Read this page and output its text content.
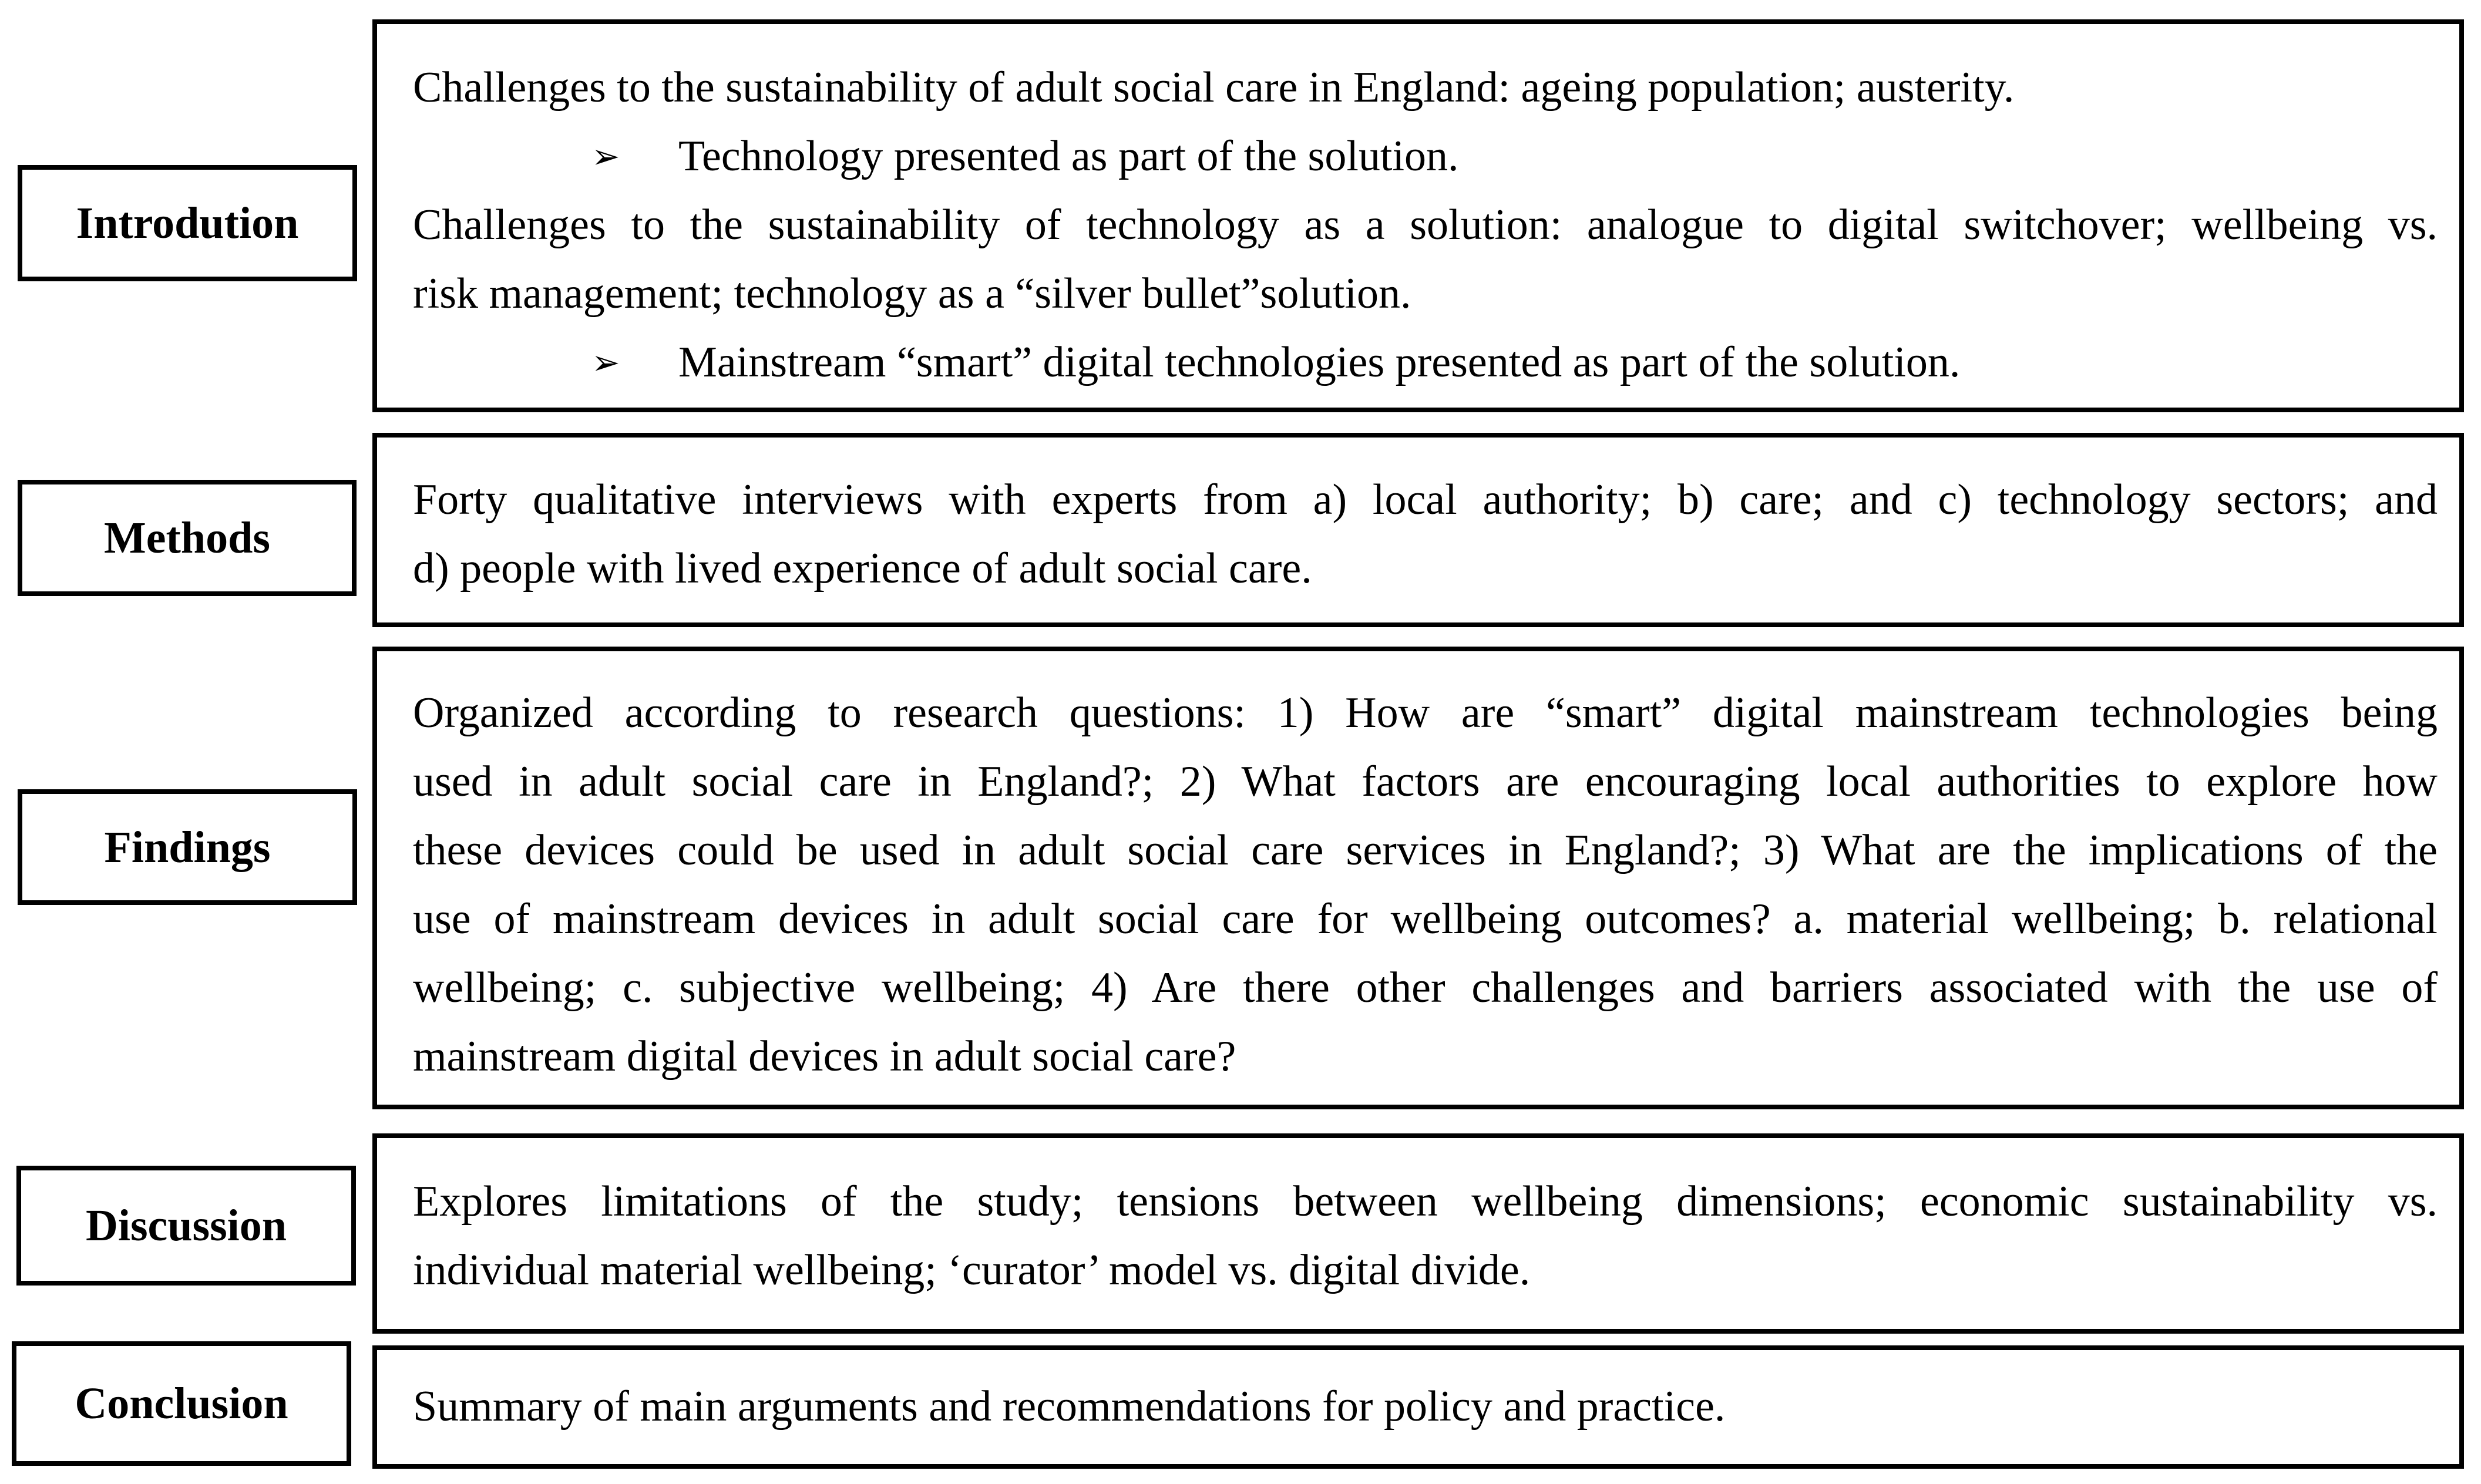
Introdution
Challenges to the sustainability of adult social care in England: ageing population; austerity.
➢ Technology presented as part of the solution.
Challenges to the sustainability of technology as a solution: analogue to digital switchover; wellbeing vs.
risk management; technology as a “silver bullet”solution.
➢ Mainstream “smart” digital technologies presented as part of the solution.
Methods
Forty qualitative interviews with experts from a) local authority; b) care; and c) technology sectors; and
d) people with lived experience of adult social care.
Findings
Organized according to research questions: 1) How are “smart” digital mainstream technologies being
used in adult social care in England?; 2) What factors are encouraging local authorities to explore how
these devices could be used in adult social care services in England?; 3) What are the implications of the
use of mainstream devices in adult social care for wellbeing outcomes? a. material wellbeing; b. relational
wellbeing; c. subjective wellbeing; 4) Are there other challenges and barriers associated with the use of
mainstream digital devices in adult social care?
Discussion	Explores limitations of the study; tensions between wellbeing dimensions; economic sustainability vs.
individual material wellbeing; ‘curator’ model vs. digital divide.
Conclusion	Summary of main arguments and recommendations for policy and practice.
